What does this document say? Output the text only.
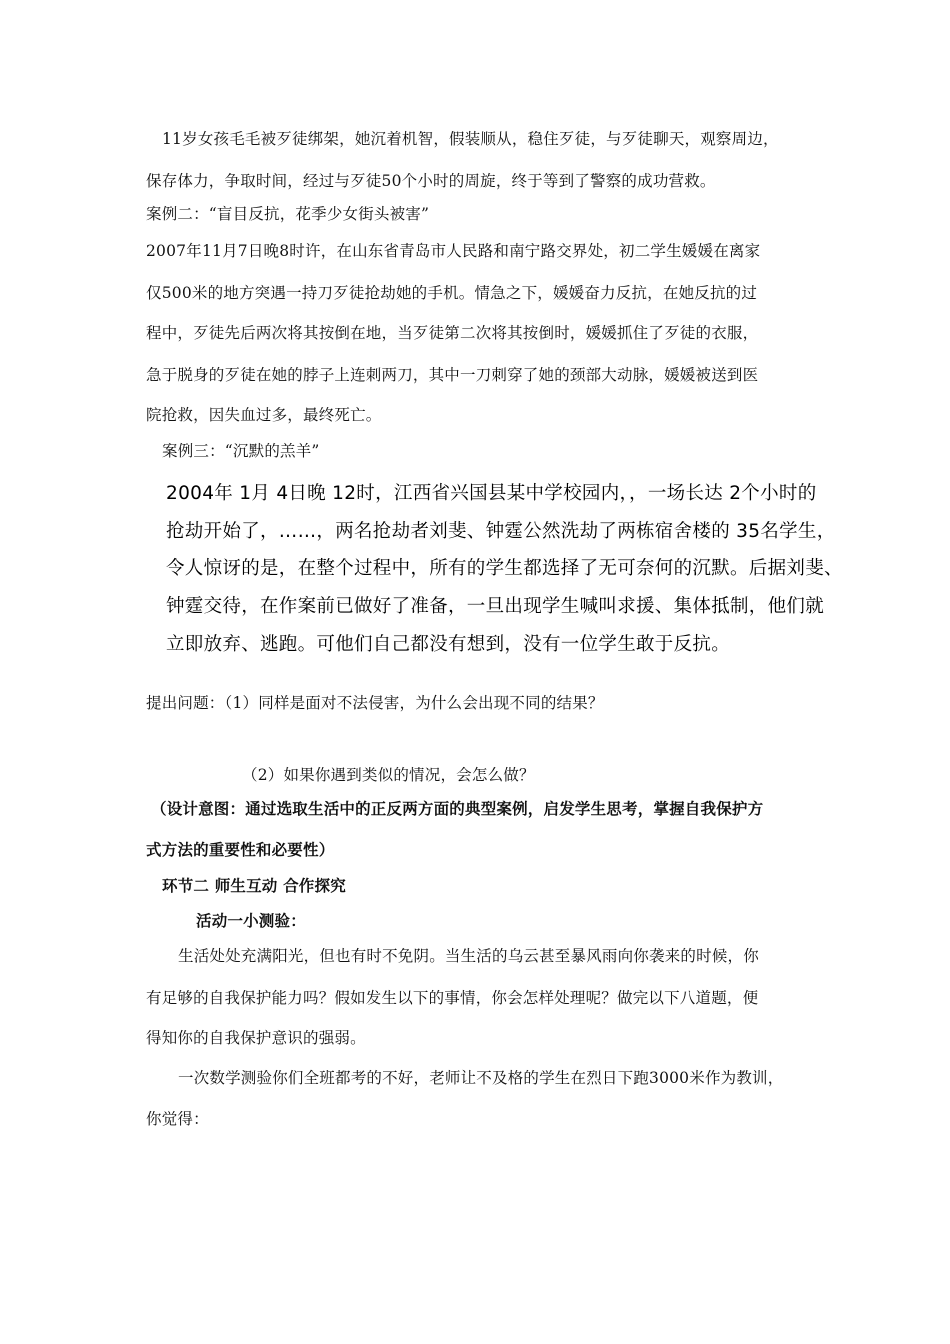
11岁女孩毛毛被歹徒绑架，她沉着机智，假装顺从，稳住歹徒，与歹徒聊天，观察周边，
保存体力，争取时间，经过与歹徒50个小时的周旋，终于等到了警察的成功营救。
案例二：“盲目反抗，花季少女街头被害”
2007年11月7日晚8时许，在山东省青岛市人民路和南宁路交界处，初二学生媛媛在离家
仅500米的地方突遇一持刀歹徒抢劫她的手机。情急之下，媛媛奋力反抗，在她反抗的过
程中，歹徒先后两次将其按倒在地，当歹徒第二次将其按倒时，媛媛抓住了歹徒的衣服，
急于脱身的歹徒在她的脖子上连刺两刀，其中一刀刺穿了她的颈部大动脉，媛媛被送到医
院抢救，因失血过多，最终死亡。
案例三：“沉默的羔羊”
2004年 1月 4日晚 12时，江西省兴国县某中学校园内，，一场长达 2个小时的
抢劫开始了，……，两名抢劫者刘斐、钟霆公然洗劫了两栋宿舍楼的 35名学生，
令人惊讶的是，在整个过程中，所有的学生都选择了无可奈何的沉默。后据刘斐、
钟霆交待，在作案前已做好了准备，一旦出现学生喊叫求援、集体抵制，他们就
立即放弃、逃跑。可他们自己都没有想到，没有一位学生敢于反抗。
提出问题：（1）同样是面对不法侵害，为什么会出现不同的结果？
（2）如果你遇到类似的情况，会怎么做？
（设计意图：通过选取生活中的正反两方面的典型案例，启发学生思考，掌握自我保护方
式方法的重要性和必要性）
环节二 师生互动 合作探究
活动一小测验：
生活处处充满阳光，但也有时不免阴。当生活的乌云甚至暴风雨向你袭来的时候，你
有足够的自我保护能力吗？假如发生以下的事情，你会怎样处理呢？做完以下八道题，便
得知你的自我保护意识的强弱。
一次数学测验你们全班都考的不好，老师让不及格的学生在烈日下跑3000米作为教训，
你觉得：
